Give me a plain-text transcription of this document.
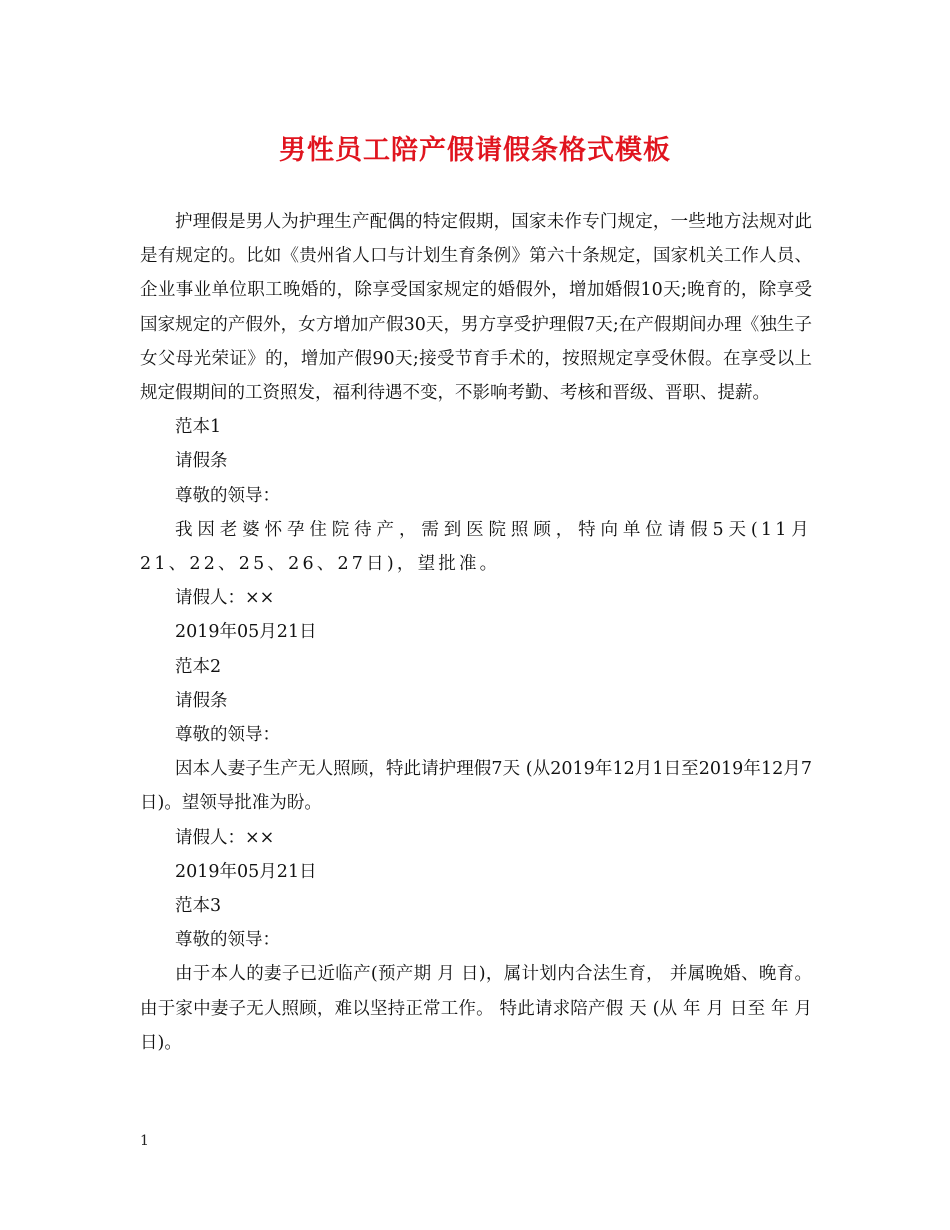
男性员工陪产假请假条格式模板

护理假是男人为护理生产配偶的特定假期，国家未作专门规定，一些地方法规对此是有规定的。比如《贵州省人口与计划生育条例》第六十条规定，国家机关工作人员、企业事业单位职工晚婚的，除享受国家规定的婚假外，增加婚假10天;晚育的，除享受国家规定的产假外，女方增加产假30天，男方享受护理假7天;在产假期间办理《独生子女父母光荣证》的，增加产假90天;接受节育手术的，按照规定享受休假。在享受以上规定假期间的工资照发，福利待遇不变，不影响考勤、考核和晋级、晋职、提薪。

范本1

请假条

尊敬的领导：

我因老婆怀孕住院待产，需到医院照顾，特向单位请假5天(11月21、22、25、26、27日)，望批准。

请假人：××

2019年05月21日

范本2

请假条

尊敬的领导：

因本人妻子生产无人照顾，特此请护理假7天 (从2019年12月1日至2019年12月7日)。望领导批准为盼。

请假人：××

2019年05月21日

范本3

尊敬的领导：

由于本人的妻子已近临产(预产期 月 日)，属计划内合法生育， 并属晚婚、晚育。由于家中妻子无人照顾，难以坚持正常工作。 特此请求陪产假 天 (从 年 月 日至 年 月日)。

1
